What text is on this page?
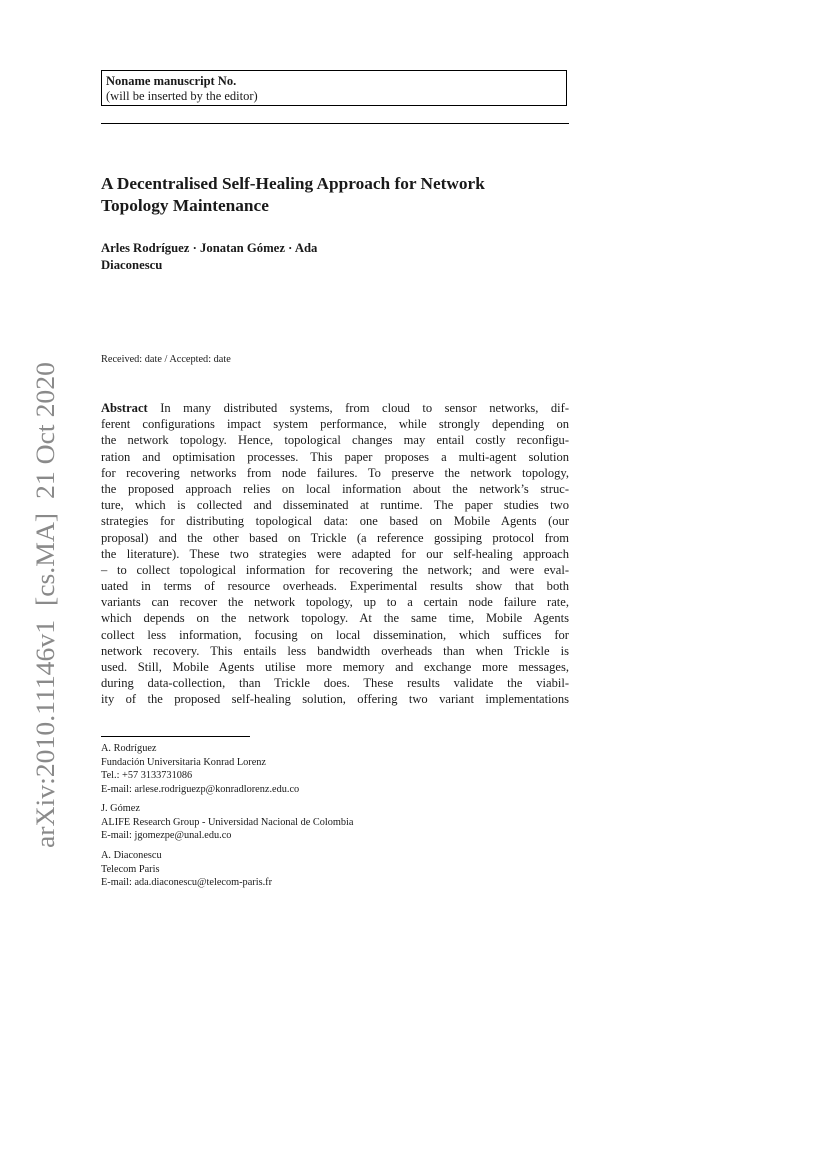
arXiv:2010.11146v1  [cs.MA]  21 Oct 2020
Noname manuscript No.
(will be inserted by the editor)
A Decentralised Self-Healing Approach for Network
Topology Maintenance
Arles Rodríguez · Jonatan Gómez · Ada
Diaconescu
Received: date / Accepted: date
Abstract In many distributed systems, from cloud to sensor networks, dif-
ferent configurations impact system performance, while strongly depending on
the network topology. Hence, topological changes may entail costly reconfigu-
ration and optimisation processes. This paper proposes a multi-agent solution
for recovering networks from node failures. To preserve the network topology,
the proposed approach relies on local information about the network’s struc-
ture, which is collected and disseminated at runtime. The paper studies two
strategies for distributing topological data: one based on Mobile Agents (our
proposal) and the other based on Trickle (a reference gossiping protocol from
the literature). These two strategies were adapted for our self-healing approach
– to collect topological information for recovering the network; and were eval-
uated in terms of resource overheads. Experimental results show that both
variants can recover the network topology, up to a certain node failure rate,
which depends on the network topology. At the same time, Mobile Agents
collect less information, focusing on local dissemination, which suffices for
network recovery. This entails less bandwidth overheads than when Trickle is
used. Still, Mobile Agents utilise more memory and exchange more messages,
during data-collection, than Trickle does. These results validate the viabil-
ity of the proposed self-healing solution, offering two variant implementations
A. Rodríguez
Fundación Universitaria Konrad Lorenz
Tel.: +57 3133731086
E-mail: arlese.rodriguezp@konradlorenz.edu.co
J. Gómez
ALIFE Research Group - Universidad Nacional de Colombia
E-mail: jgomezpe@unal.edu.co
A. Diaconescu
Telecom Paris
E-mail: ada.diaconescu@telecom-paris.fr
